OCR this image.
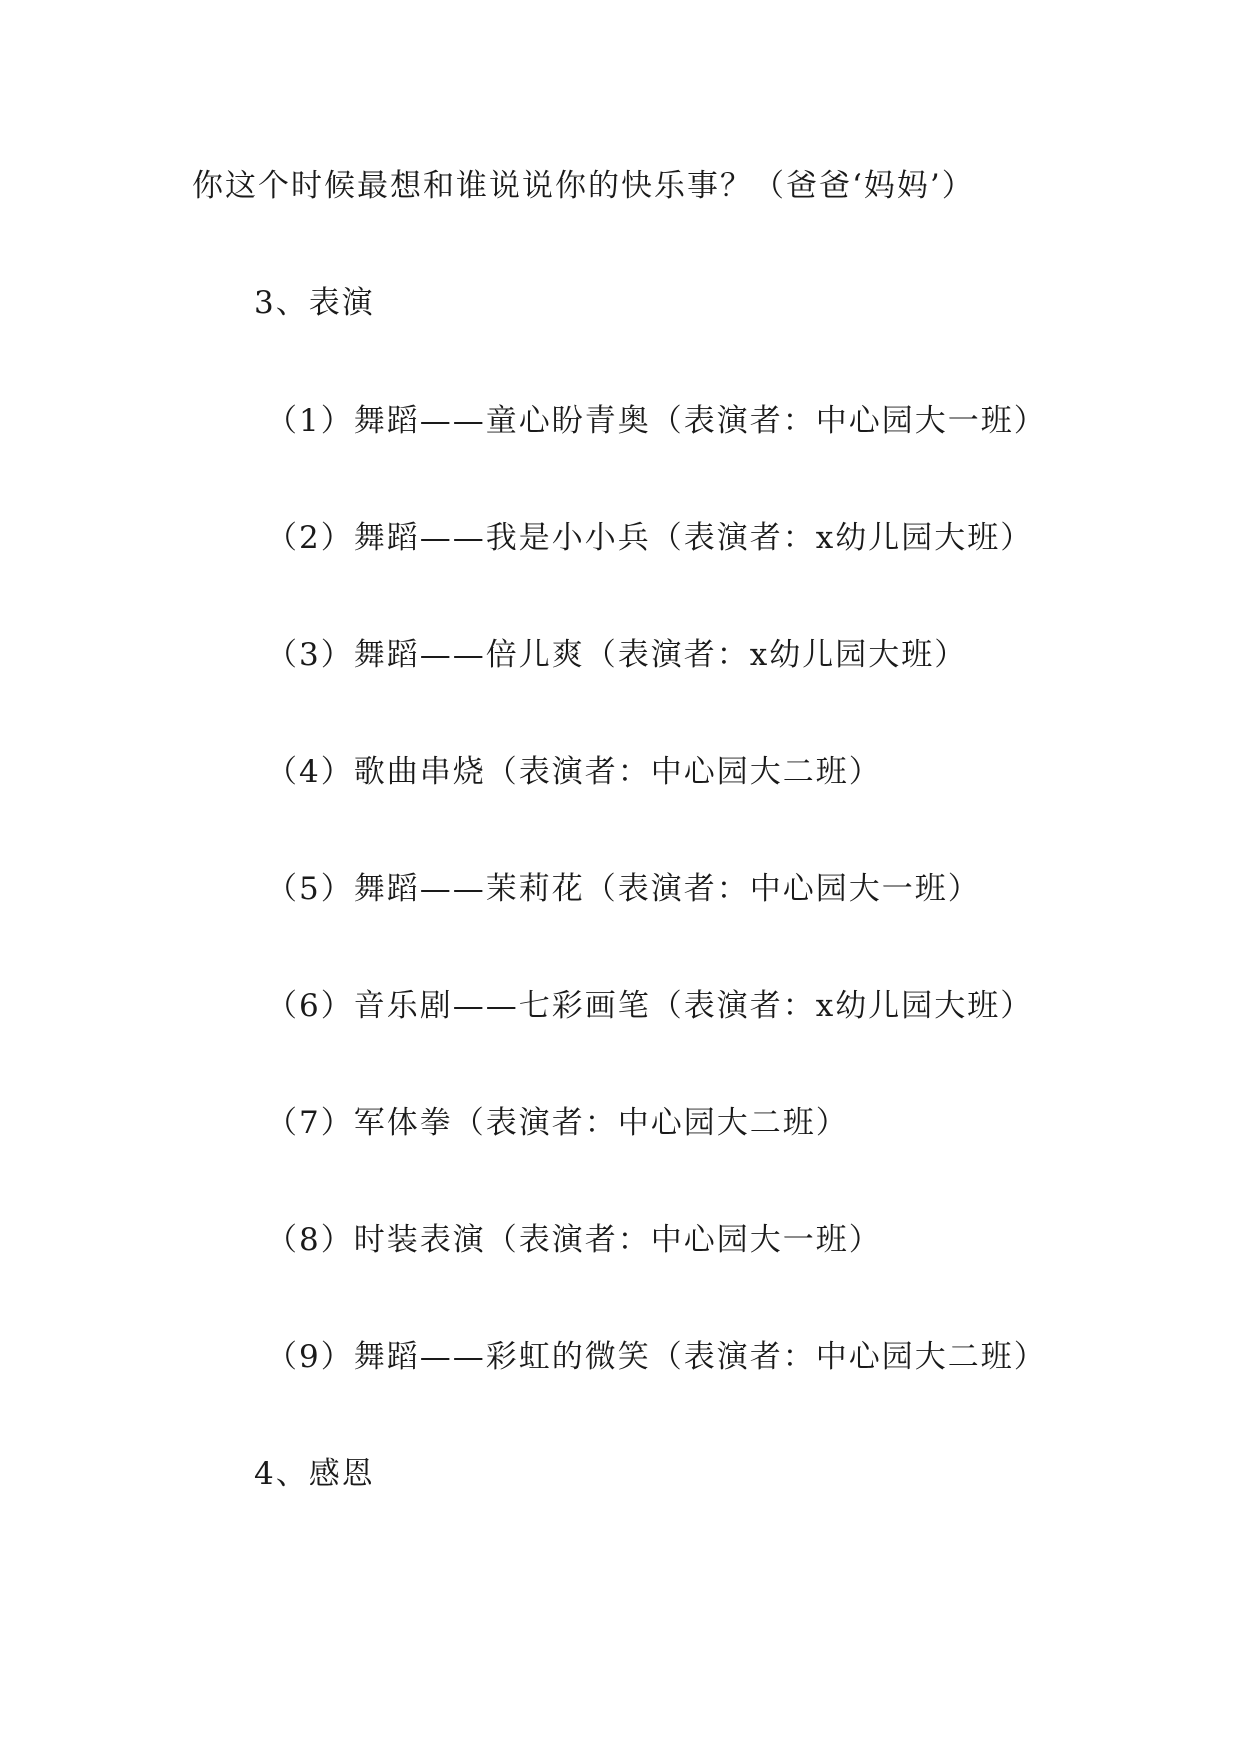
你这个时候最想和谁说说你的快乐事？（爸爸‘妈妈’）
3、表演
（1）舞蹈——童心盼青奥（表演者：中心园大一班）
（2）舞蹈——我是小小兵（表演者：x幼儿园大班）
（3）舞蹈——倍儿爽（表演者：x幼儿园大班）
（4）歌曲串烧（表演者：中心园大二班）
（5）舞蹈——茉莉花（表演者：中心园大一班）
（6）音乐剧——七彩画笔（表演者：x幼儿园大班）
（7）军体拳（表演者：中心园大二班）
（8）时装表演（表演者：中心园大一班）
（9）舞蹈——彩虹的微笑（表演者：中心园大二班）
4、感恩
